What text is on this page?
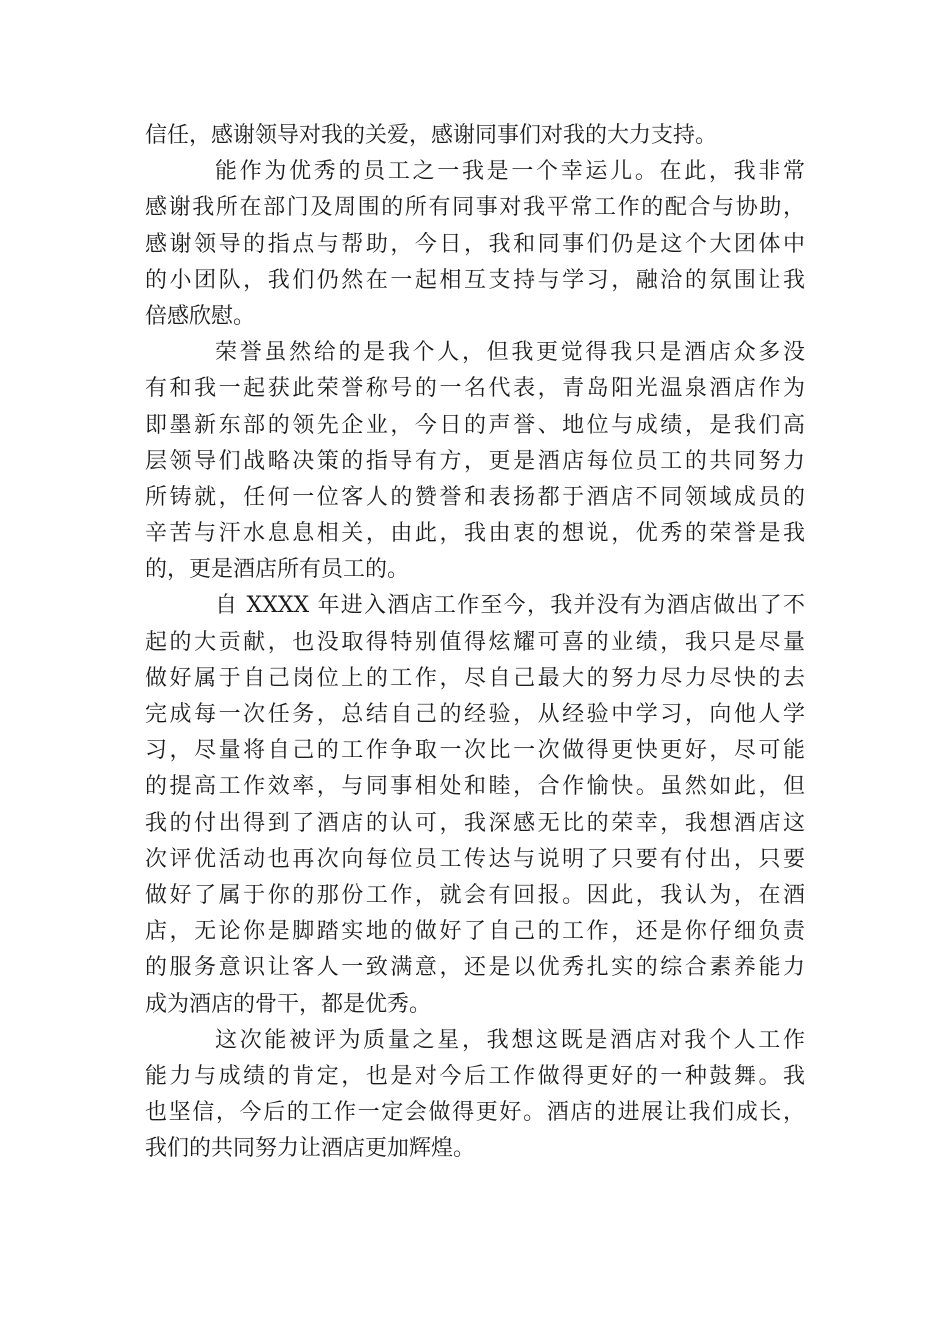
信任，感谢领导对我的关爱，感谢同事们对我的大力支持。
能作为优秀的员工之一我是一个幸运儿。在此，我非常
感谢我所在部门及周围的所有同事对我平常工作的配合与协助，
感谢领导的指点与帮助，今日，我和同事们仍是这个大团体中
的小团队，我们仍然在一起相互支持与学习，融洽的氛围让我
倍感欣慰。
荣誉虽然给的是我个人，但我更觉得我只是酒店众多没
有和我一起获此荣誉称号的一名代表，青岛阳光温泉酒店作为
即墨新东部的领先企业，今日的声誉、地位与成绩，是我们高
层领导们战略决策的指导有方，更是酒店每位员工的共同努力
所铸就，任何一位客人的赞誉和表扬都于酒店不同领域成员的
辛苦与汗水息息相关，由此，我由衷的想说，优秀的荣誉是我
的，更是酒店所有员工的。
自 XXXX 年进入酒店工作至今，我并没有为酒店做出了不
起的大贡献，也没取得特别值得炫耀可喜的业绩，我只是尽量
做好属于自己岗位上的工作，尽自己最大的努力尽力尽快的去
完成每一次任务，总结自己的经验，从经验中学习，向他人学
习，尽量将自己的工作争取一次比一次做得更快更好，尽可能
的提高工作效率，与同事相处和睦，合作愉快。虽然如此，但
我的付出得到了酒店的认可，我深感无比的荣幸，我想酒店这
次评优活动也再次向每位员工传达与说明了只要有付出，只要
做好了属于你的那份工作，就会有回报。因此，我认为，在酒
店，无论你是脚踏实地的做好了自己的工作，还是你仔细负责
的服务意识让客人一致满意，还是以优秀扎实的综合素养能力
成为酒店的骨干，都是优秀。
这次能被评为质量之星，我想这既是酒店对我个人工作
能力与成绩的肯定，也是对今后工作做得更好的一种鼓舞。我
也坚信，今后的工作一定会做得更好。酒店的进展让我们成长，
我们的共同努力让酒店更加辉煌。
